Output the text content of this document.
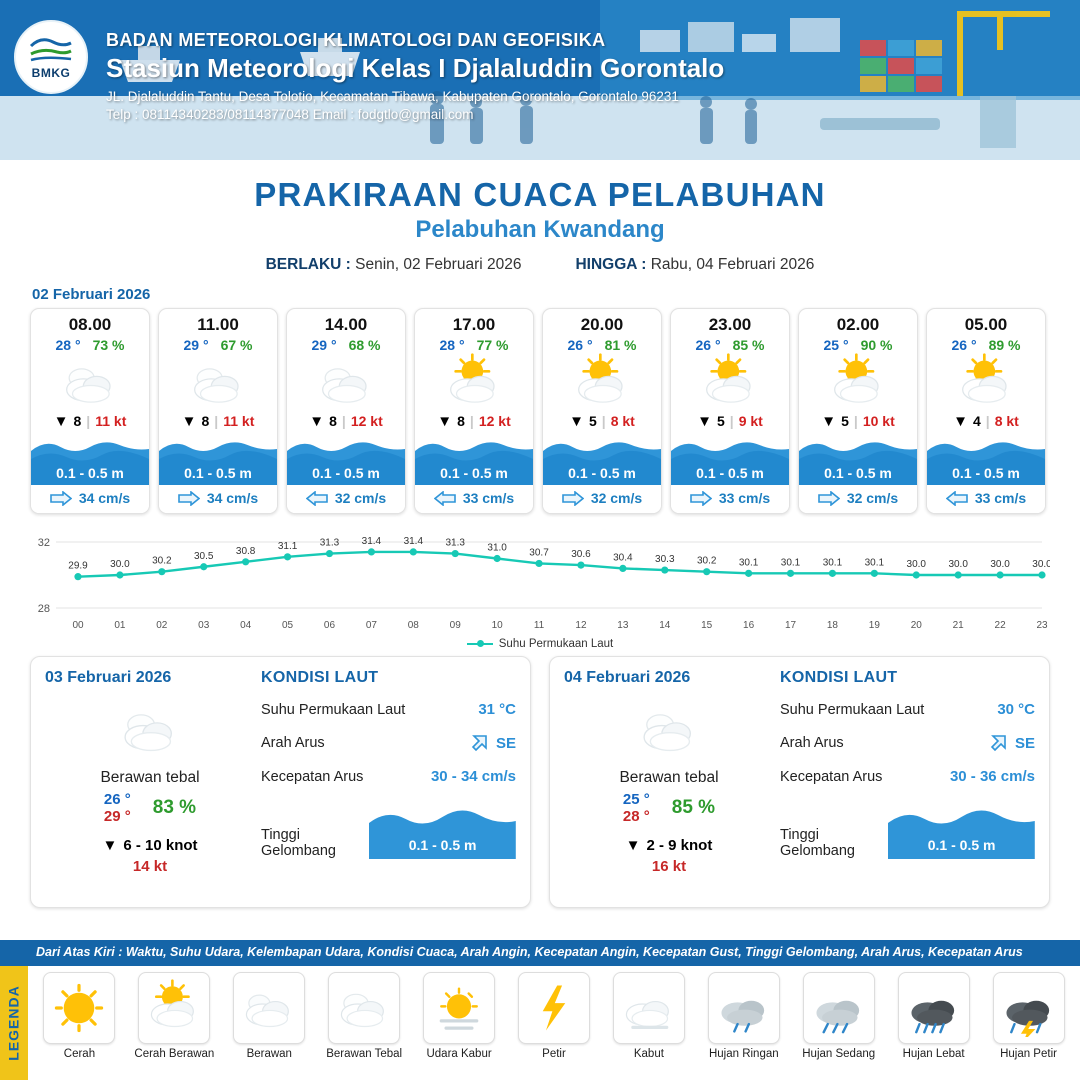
BMKG
BADAN METEOROLOGI KLIMATOLOGI DAN GEOFISIKA
Stasiun Meteorologi Kelas I Djalaluddin Gorontalo
JL. Djalaluddin Tantu, Desa Tolotio, Kecamatan Tibawa, Kabupaten Gorontalo, Gorontalo 96231
Telp : 08114340283/08114377048 Email : fodgtlo@gmail.com
PRAKIRAAN CUACA PELABUHAN
Pelabuhan Kwandang
BERLAKU : Senin, 02 Februari 2026	HINGGA : Rabu, 04 Februari 2026
02 Februari 2026
08.00
28 ° 73 %
▼ 8 | 11 kt
0.1 - 0.5 m
34 cm/s
11.00
29 ° 67 %
▼ 8 | 11 kt
0.1 - 0.5 m
34 cm/s
14.00
29 ° 68 %
▼ 8 | 12 kt
0.1 - 0.5 m
32 cm/s
17.00
28 ° 77 %
▼ 8 | 12 kt
0.1 - 0.5 m
33 cm/s
20.00
26 ° 81 %
▼ 5 | 8 kt
0.1 - 0.5 m
32 cm/s
23.00
26 ° 85 %
▼ 5 | 9 kt
0.1 - 0.5 m
33 cm/s
02.00
25 ° 90 %
▼ 5 | 10 kt
0.1 - 0.5 m
32 cm/s
05.00
26 ° 89 %
▼ 4 | 8 kt
0.1 - 0.5 m
33 cm/s
32
28
29.9
00
30.0
01
30.2
02
30.5
03
30.8
04
31.1
05
31.3
06
31.4
07
31.4
08
31.3
09
31.0
10
30.7
11
30.6
12
30.4
13
30.3
14
30.2
15
30.1
16
30.1
17
30.1
18
30.1
19
30.0
20
30.0
21
30.0
22
30.0
23
Suhu Permukaan Laut
03 Februari 2026
Berawan tebal
26 °
29 ° 83 %
▼ 6 - 10 knot
14 kt
KONDISI LAUT
Suhu Permukaan Laut	31 °C
Arah Arus	SE
Kecepatan Arus	30 - 34 cm/s
Tinggi Gelombang	0.1 - 0.5 m
04 Februari 2026
Berawan tebal
25 °
28 ° 85 %
▼ 2 - 9 knot
16 kt
KONDISI LAUT
Suhu Permukaan Laut	30 °C
Arah Arus	SE
Kecepatan Arus	30 - 36 cm/s
Tinggi Gelombang	0.1 - 0.5 m
Dari Atas Kiri : Waktu, Suhu Udara, Kelembapan Udara, Kondisi Cuaca, Arah Angin, Kecepatan Angin, Kecepatan Gust, Tinggi Gelombang, Arah Arus, Kecepatan Arus
LEGENDA	Cerah	Cerah Berawan	Berawan	Berawan Tebal Udara Kabur	Petir	Kabut	Hujan Ringan Hujan Sedang Hujan Lebat	Hujan Petir
